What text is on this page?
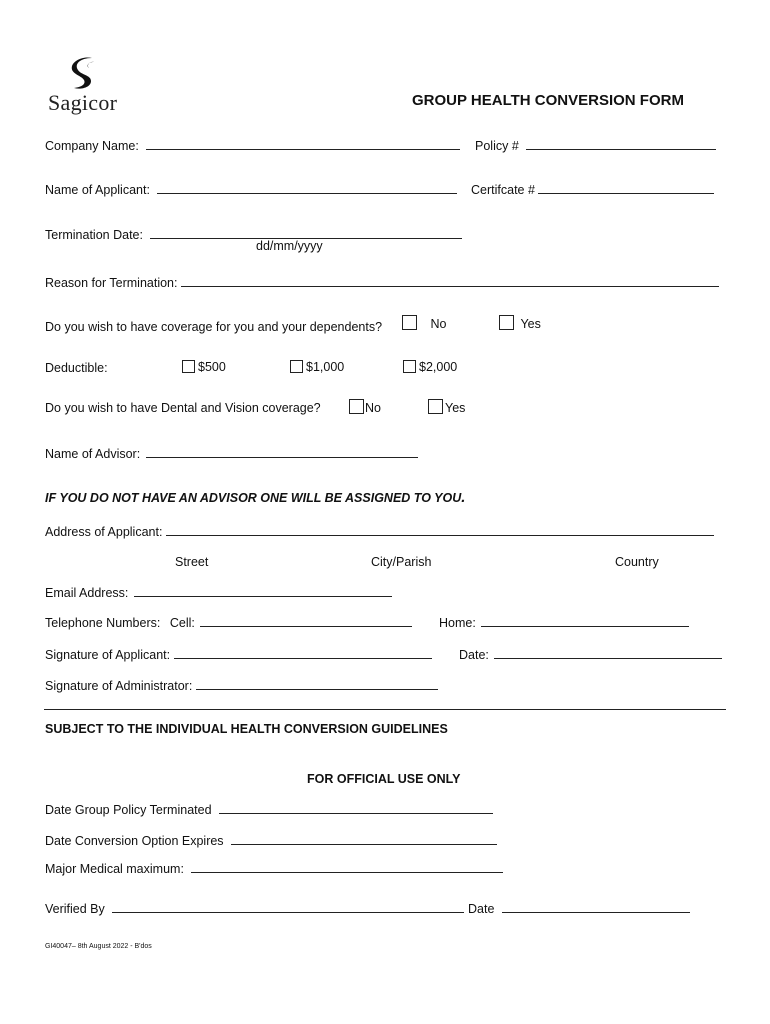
Sagicor	GROUP HEALTH CONVERSION FORM
Company Name:	Policy #
Name of Applicant:	Certifcate #
Termination Date:
dd/mm/yyyy
Reason for Termination:
Do you wish to have coverage for you and your dependents?	No	Yes
Deductible:	$500	$1,000	$2,000
Do you wish to have Dental and Vision coverage?	No	Yes
Name of Advisor:
IF YOU DO NOT HAVE AN ADVISOR ONE WILL BE ASSIGNED TO YOU.
Address of Applicant:
Street	City/Parish	Country
Email Address:
Telephone Numbers: Cell:	Home:
Signature of Applicant:	Date:
Signature of Administrator:
SUBJECT TO THE INDIVIDUAL HEALTH CONVERSION GUIDELINES
FOR OFFICIAL USE ONLY
Date Group Policy Terminated
Date Conversion Option Expires
Major Medical maximum:
Verified By	Date
GI40047– 8th August 2022 - B'dos
